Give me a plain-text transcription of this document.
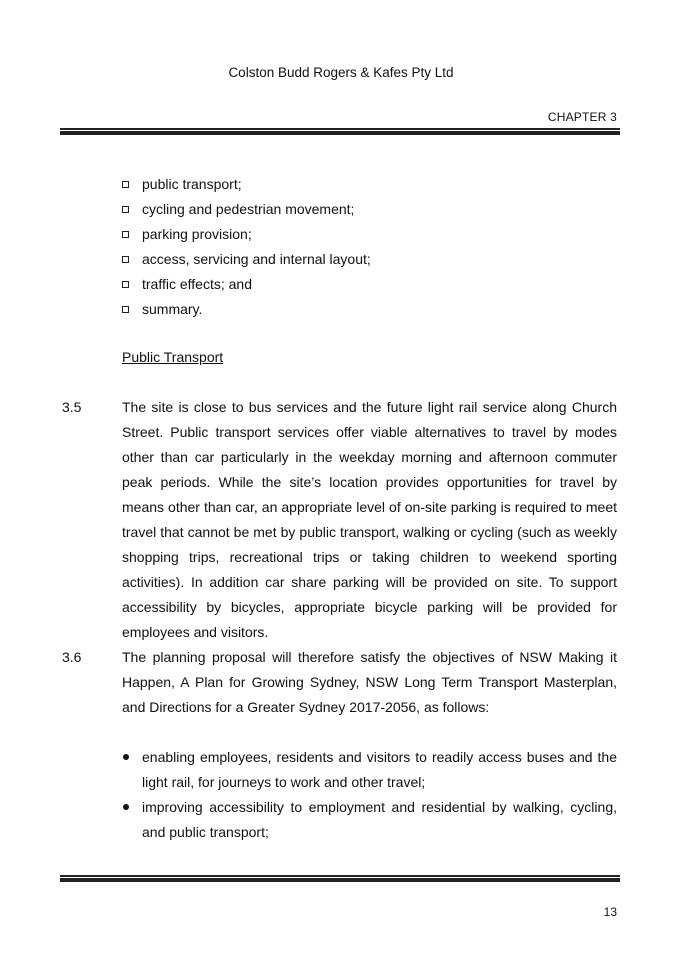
Colston Budd Rogers & Kafes Pty Ltd
CHAPTER 3
public transport;
cycling and pedestrian movement;
parking provision;
access, servicing and internal layout;
traffic effects; and
summary.
Public Transport
3.5	The site is close to bus services and the future light rail service along Church Street. Public transport services offer viable alternatives to travel by modes other than car particularly in the weekday morning and afternoon commuter peak periods. While the site’s location provides opportunities for travel by means other than car, an appropriate level of on-site parking is required to meet travel that cannot be met by public transport, walking or cycling (such as weekly shopping trips, recreational trips or taking children to weekend sporting activities). In addition car share parking will be provided on site. To support accessibility by bicycles, appropriate bicycle parking will be provided for employees and visitors.
3.6	The planning proposal will therefore satisfy the objectives of NSW Making it Happen, A Plan for Growing Sydney, NSW Long Term Transport Masterplan, and Directions for a Greater Sydney 2017-2056, as follows:
enabling employees, residents and visitors to readily access buses and the light rail, for journeys to work and other travel;
improving accessibility to employment and residential by walking, cycling, and public transport;
13
